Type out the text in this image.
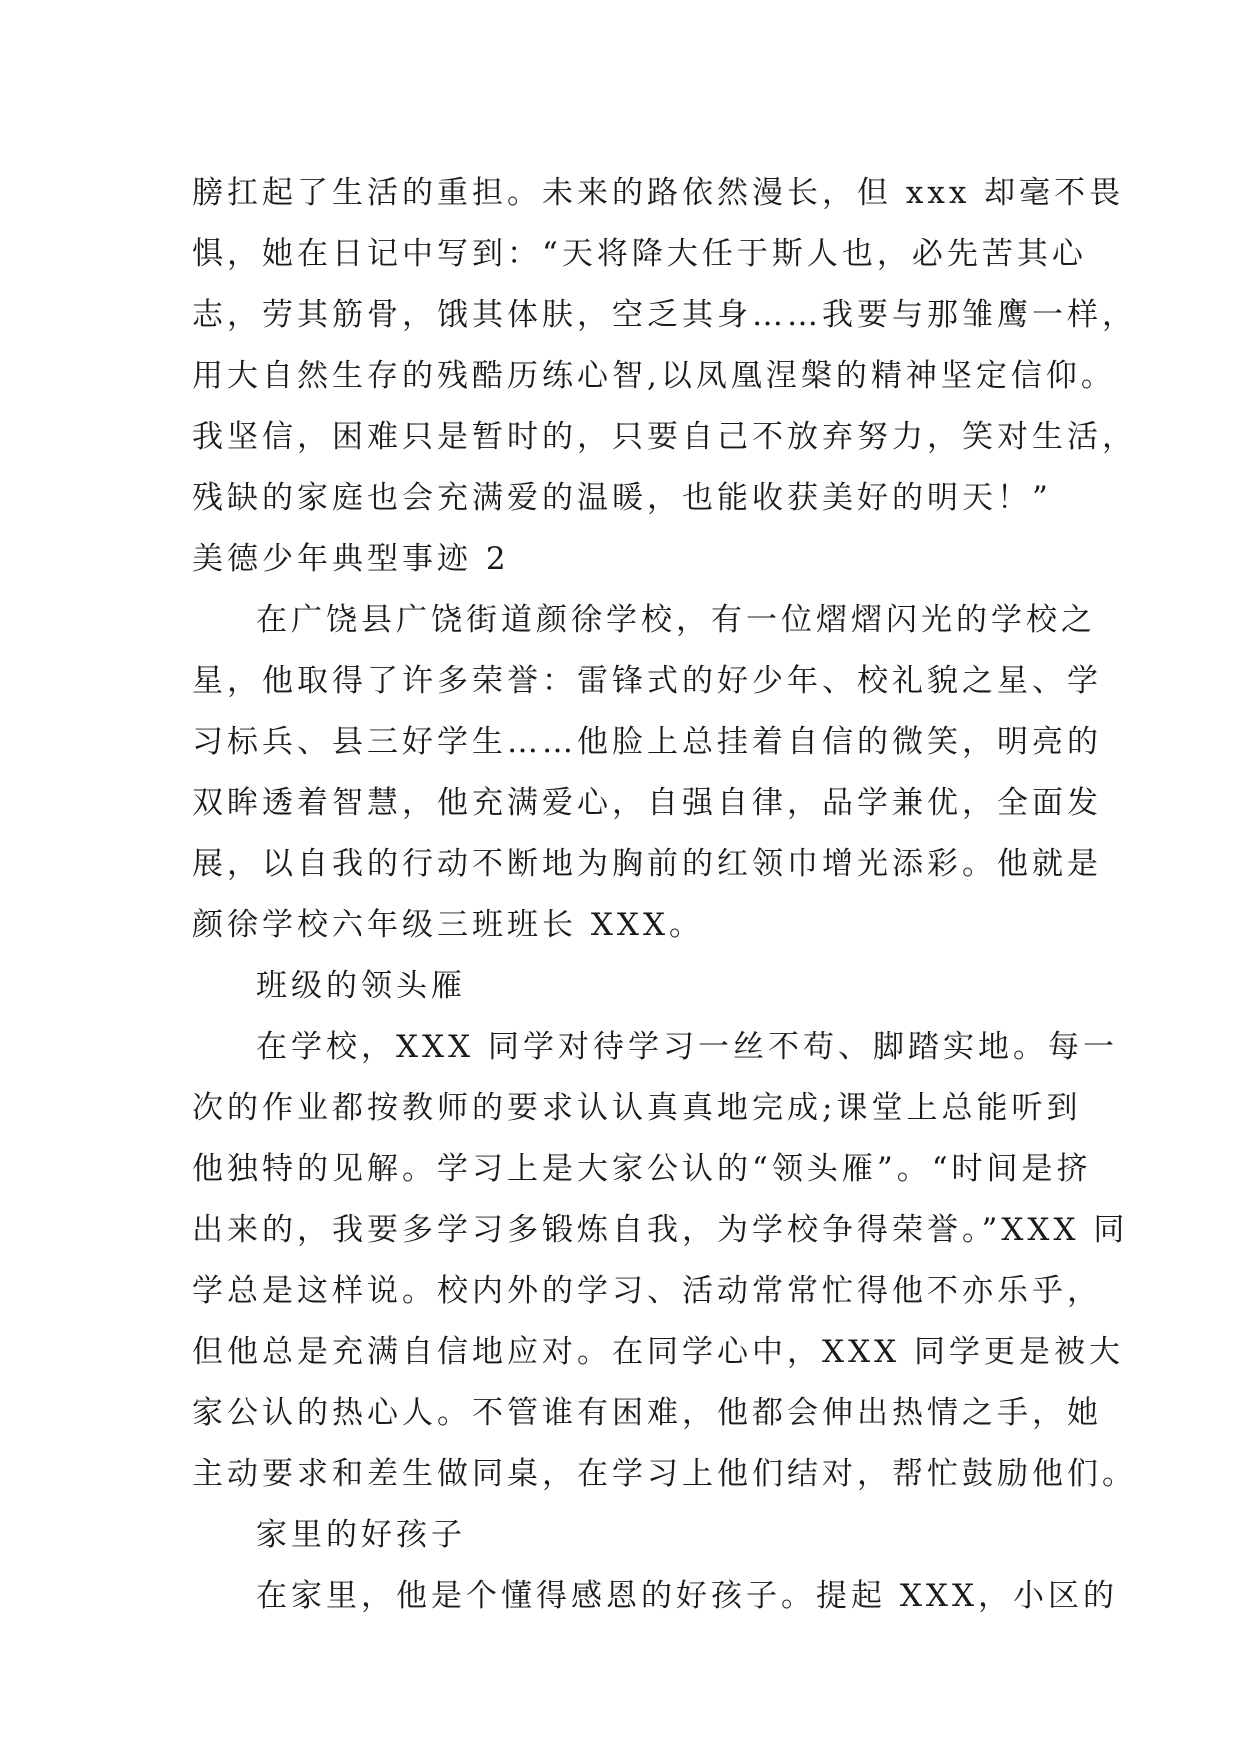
膀扛起了生活的重担。未来的路依然漫长，但 xxx 却毫不畏
惧，她在日记中写到：“天将降大任于斯人也，必先苦其心
志，劳其筋骨，饿其体肤，空乏其身……我要与那雏鹰一样，
用大自然生存的残酷历练心智,以凤凰涅槃的精神坚定信仰。
我坚信，困难只是暂时的，只要自己不放弃努力，笑对生活，
残缺的家庭也会充满爱的温暖，也能收获美好的明天！”
美德少年典型事迹 2
在广饶县广饶街道颜徐学校，有一位熠熠闪光的学校之
星，他取得了许多荣誉：雷锋式的好少年、校礼貌之星、学
习标兵、县三好学生……他脸上总挂着自信的微笑，明亮的
双眸透着智慧，他充满爱心，自强自律，品学兼优，全面发
展，以自我的行动不断地为胸前的红领巾增光添彩。他就是
颜徐学校六年级三班班长 XXX。
班级的领头雁
在学校，XXX 同学对待学习一丝不苟、脚踏实地。每一
次的作业都按教师的要求认认真真地完成;课堂上总能听到
他独特的见解。学习上是大家公认的“领头雁”。“时间是挤
出来的，我要多学习多锻炼自我，为学校争得荣誉。”XXX 同
学总是这样说。校内外的学习、活动常常忙得他不亦乐乎，
但他总是充满自信地应对。在同学心中，XXX 同学更是被大
家公认的热心人。不管谁有困难，他都会伸出热情之手，她
主动要求和差生做同桌，在学习上他们结对，帮忙鼓励他们。
家里的好孩子
在家里，他是个懂得感恩的好孩子。提起 XXX，小区的
